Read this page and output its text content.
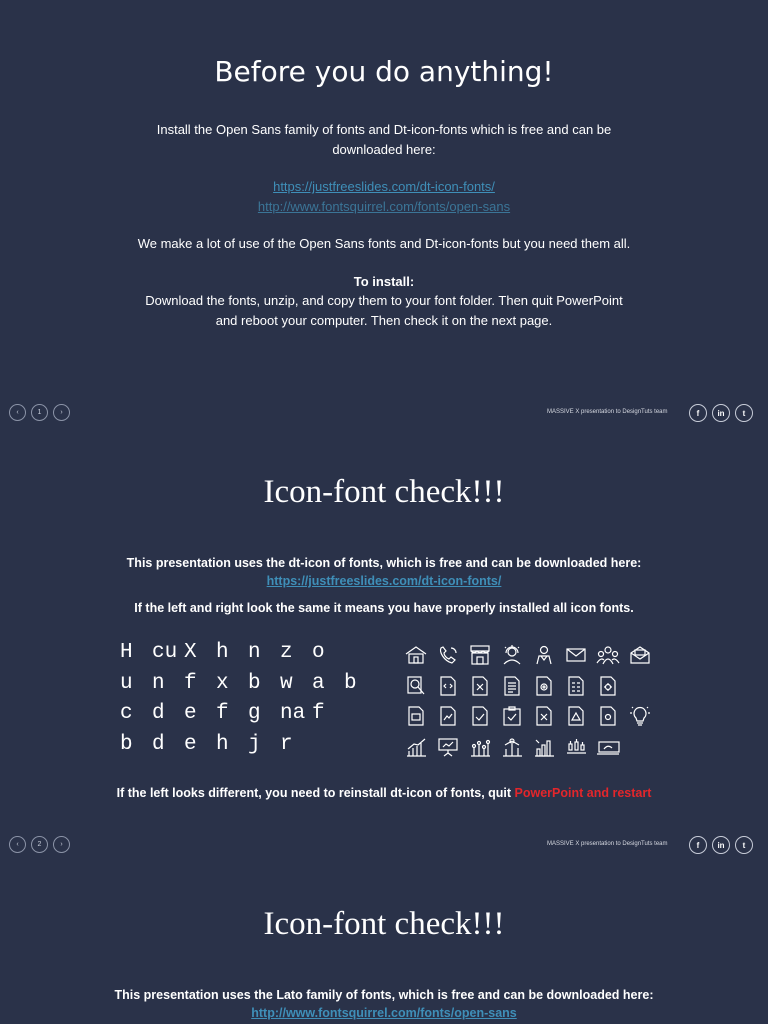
Before you do anything!

Install the Open Sans family of fonts and Dt-icon-fonts which is free and can be downloaded here:

https://justfreeslides.com/dt-icon-fonts/

http://www.fontsquirrel.com/fonts/open-sans

We make a lot of use of the Open Sans fonts and Dt-icon-fonts but you need them all.

To install:

Download the fonts, unzip, and copy them to your font folder. Then quit PowerPoint and reboot your computer. Then check it on the next page.

‹	1	›	MASSIVE X presentation to DesignTuts team	f	in	t
Icon-font check!!!
This presentation uses the dt-icon of fonts, which is free and can be downloaded here:
https://justfreeslides.com/dt-icon-fonts/
If the left and right look the same it means you have properly installed all icon fonts.
H cu X h n z o
u n f x b w a b
c d e f g na f
b d e h j r
If the left looks different, you need to reinstall dt-icon of fonts, quit PowerPoint and restart
‹	2	›	MASSIVE X presentation to DesignTuts team	f	in	t
Icon-font check!!!
This presentation uses the Lato family of fonts, which is free and can be downloaded here:
http://www.fontsquirrel.com/fonts/open-sans
